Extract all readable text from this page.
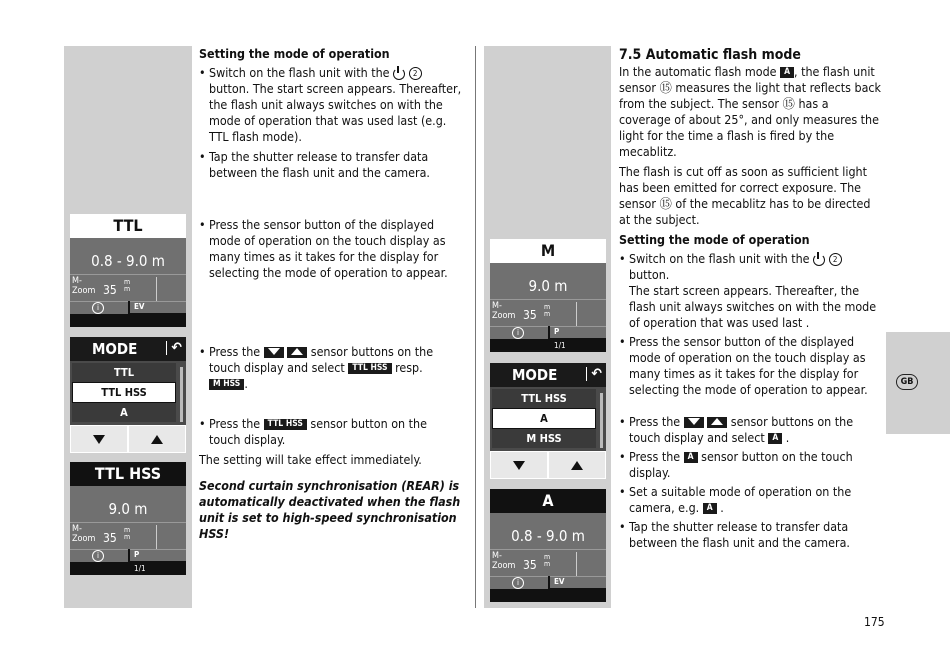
GB
175
Setting the mode of operation
• Switch on the flash unit with the	2
button. The start screen appears. Thereafter, the flash unit always switches on with the mode of operation that was used last (e.g. TTL flash mode).
• Tap the shutter release to transfer data between the flash unit and the camera.
• Press the sensor button of the displayed mode of operation on the touch display as many times as it takes for the display for selecting the mode of operation to appear.
• Press the	sensor buttons on the touch display and select TTL HSS resp.
M HSS .
• Press the TTL HSS sensor button on the touch display.

The setting will take effect immediately.

Second curtain synchronisation (REAR) is automatically deactivated when the flash unit is set to high-speed synchronisation HSS!

7.5 Automatic flash mode

In the automatic flash mode A , the flash unit sensor ⑮ measures the light that reflects back from the subject. The sensor ⑮ has a coverage of about 25°, and only measures the light for the time a flash is fired by the mecablitz.

The flash is cut off as soon as sufficient light has been emitted for correct exposure. The sensor ⑮ of the mecablitz has to be directed at the subject.

Setting the mode of operation
• Switch on the flash unit with the	2
button.
The start screen appears. Thereafter, the flash unit always switches on with the mode of operation that was used last .
• Press the sensor button of the displayed mode of operation on the touch display as many times as it takes for the display for selecting the mode of operation to appear.
• Press the	sensor buttons on the touch display and select A .
• Press the A sensor button on the touch display.
• Set a suitable mode of operation on the camera, e.g. A .
• Tap the shutter release to transfer data between the flash unit and the camera.
TTL
0.8 - 9.0 m
M-
Zoom 35
m
m
i	EV
MODE	↶
TTL
TTL HSS
A
TTL HSS
9.0 m
M-
Zoom 35
m
m
i	P
1/1
M
9.0 m
M-
Zoom 35
m
m
i	P
1/1
MODE	↶
TTL HSS
A
M HSS
A
0.8 - 9.0 m
M-
Zoom 35
m
m
i	EV
